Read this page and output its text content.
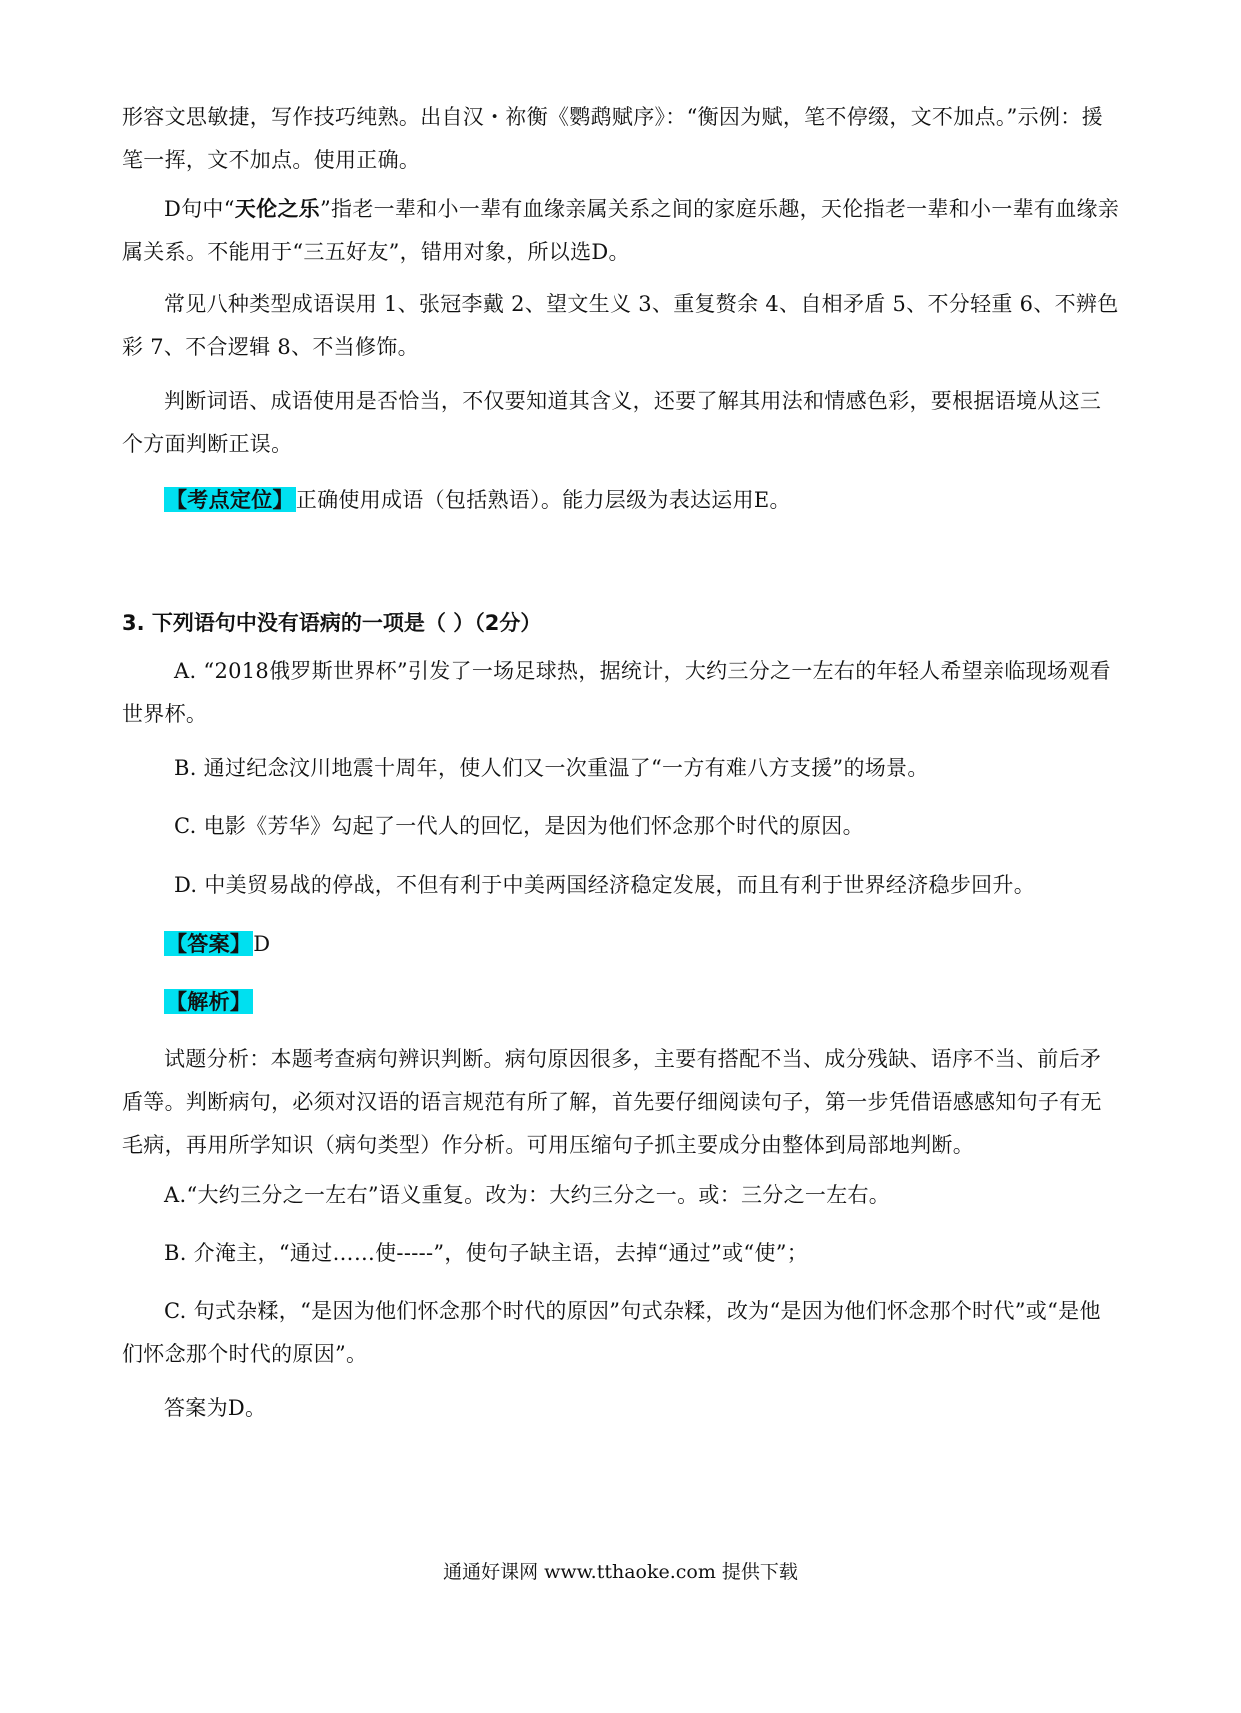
形容文思敏捷，写作技巧纯熟。出自汉・祢衡《鹦鹉赋序》：“衡因为赋，笔不停缀，文不加点。”示例：援笔一挥，文不加点。使用正确。

D句中“天伦之乐”指老一辈和小一辈有血缘亲属关系之间的家庭乐趣，天伦指老一辈和小一辈有血缘亲属关系。不能用于“三五好友”，错用对象，所以选D。

常见八种类型成语误用 1、张冠李戴 2、望文生义 3、重复赘余 4、自相矛盾 5、不分轻重 6、不辨色彩 7、不合逻辑 8、不当修饰。

判断词语、成语使用是否恰当，不仅要知道其含义，还要了解其用法和情感色彩，要根据语境从这三个方面判断正误。

【考点定位】正确使用成语（包括熟语）。能力层级为表达运用E。

3. 下列语句中没有语病的一项是（ ）（2分）

A. “2018俄罗斯世界杯”引发了一场足球热，据统计，大约三分之一左右的年轻人希望亲临现场观看世界杯。

B. 通过纪念汶川地震十周年，使人们又一次重温了“一方有难八方支援”的场景。

C. 电影《芳华》勾起了一代人的回忆，是因为他们怀念那个时代的原因。

D. 中美贸易战的停战，不但有利于中美两国经济稳定发展，而且有利于世界经济稳步回升。

【答案】D

【解析】

试题分析：本题考查病句辨识判断。病句原因很多，主要有搭配不当、成分残缺、语序不当、前后矛盾等。判断病句，必须对汉语的语言规范有所了解，首先要仔细阅读句子，第一步凭借语感感知句子有无毛病，再用所学知识（病句类型）作分析。可用压缩句子抓主要成分由整体到局部地判断。

A.“大约三分之一左右”语义重复。改为：大约三分之一。或：三分之一左右。

B. 介淹主，“通过……使-----”，使句子缺主语，去掉“通过”或“使”；

C. 句式杂糅，“是因为他们怀念那个时代的原因”句式杂糅，改为“是因为他们怀念那个时代”或“是他们怀念那个时代的原因”。

答案为D。

通通好课网 www.tthaoke.com 提供下载
